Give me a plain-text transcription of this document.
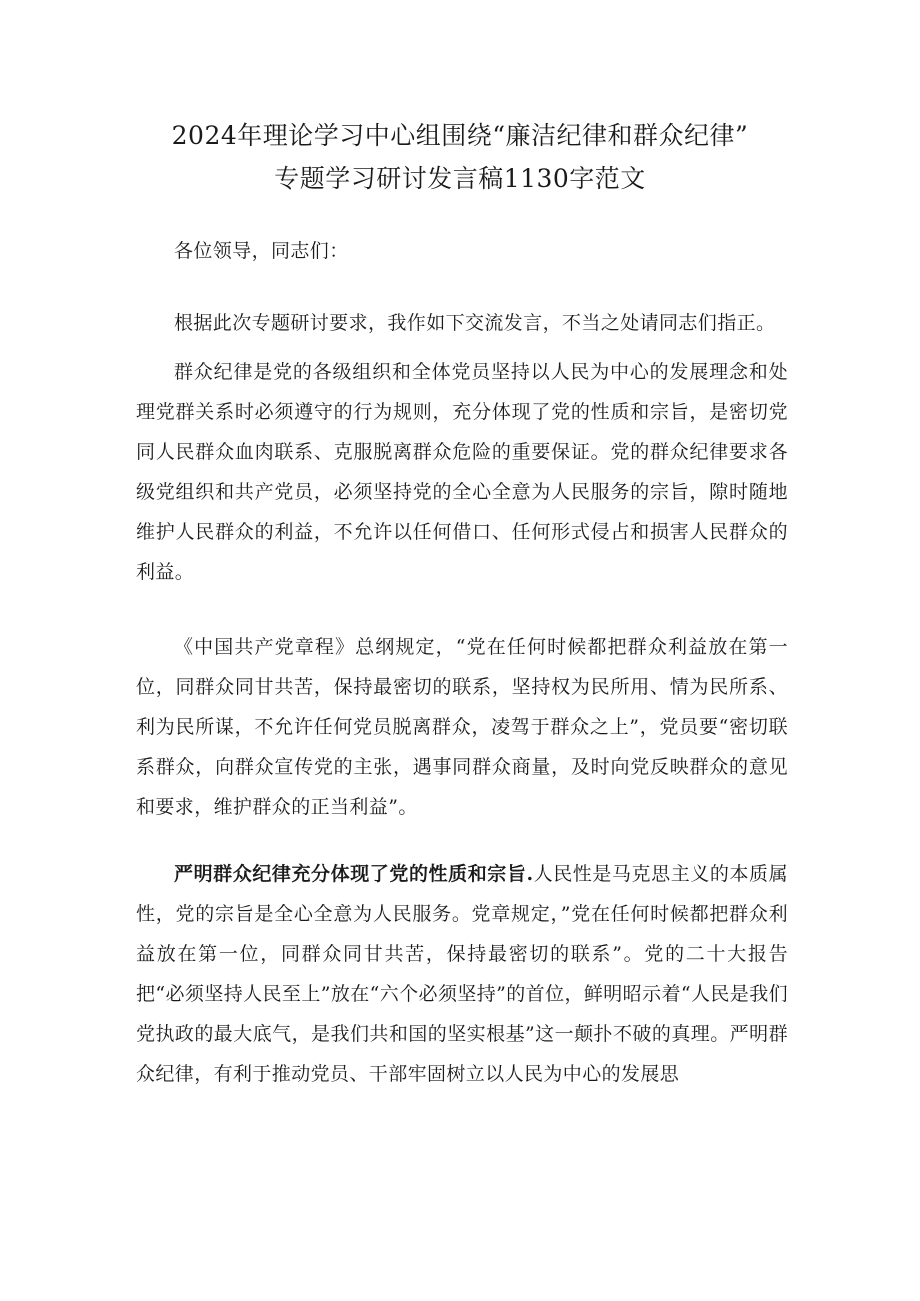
2024年理论学习中心组围绕“廉洁纪律和群众纪律”
专题学习研讨发言稿1130字范文

各位领导，同志们：

根据此次专题研讨要求，我作如下交流发言，不当之处请同志们指正。

群众纪律是党的各级组织和全体党员坚持以人民为中心的发展理念和处理党群关系时必须遵守的行为规则，充分体现了党的性质和宗旨，是密切党同人民群众血肉联系、克服脱离群众危险的重要保证。党的群众纪律要求各级党组织和共产党员，必须坚持党的全心全意为人民服务的宗旨，隙时随地维护人民群众的利益，不允许以任何借口、任何形式侵占和损害人民群众的利益。

《中国共产党章程》总纲规定，“党在任何时候都把群众利益放在第一位，同群众同甘共苦，保持最密切的联系，坚持权为民所用、情为民所系、利为民所谋，不允许任何党员脱离群众，凌驾于群众之上”，党员要“密切联系群众，向群众宣传党的主张，遇事同群众商量，及时向党反映群众的意见和要求，维护群众的正当利益”。

严明群众纪律充分体现了党的性质和宗旨.人民性是马克思主义的本质属性，党的宗旨是全心全意为人民服务。党章规定，”党在任何时候都把群众利益放在第一位，同群众同甘共苦，保持最密切的联系”。党的二十大报告把“必须坚持人民至上”放在“六个必须坚持”的首位，鲜明昭示着“人民是我们党执政的最大底气，是我们共和国的坚实根基”这一颠扑不破的真理。严明群众纪律，有利于推动党员、干部牢固树立以人民为中心的发展思
